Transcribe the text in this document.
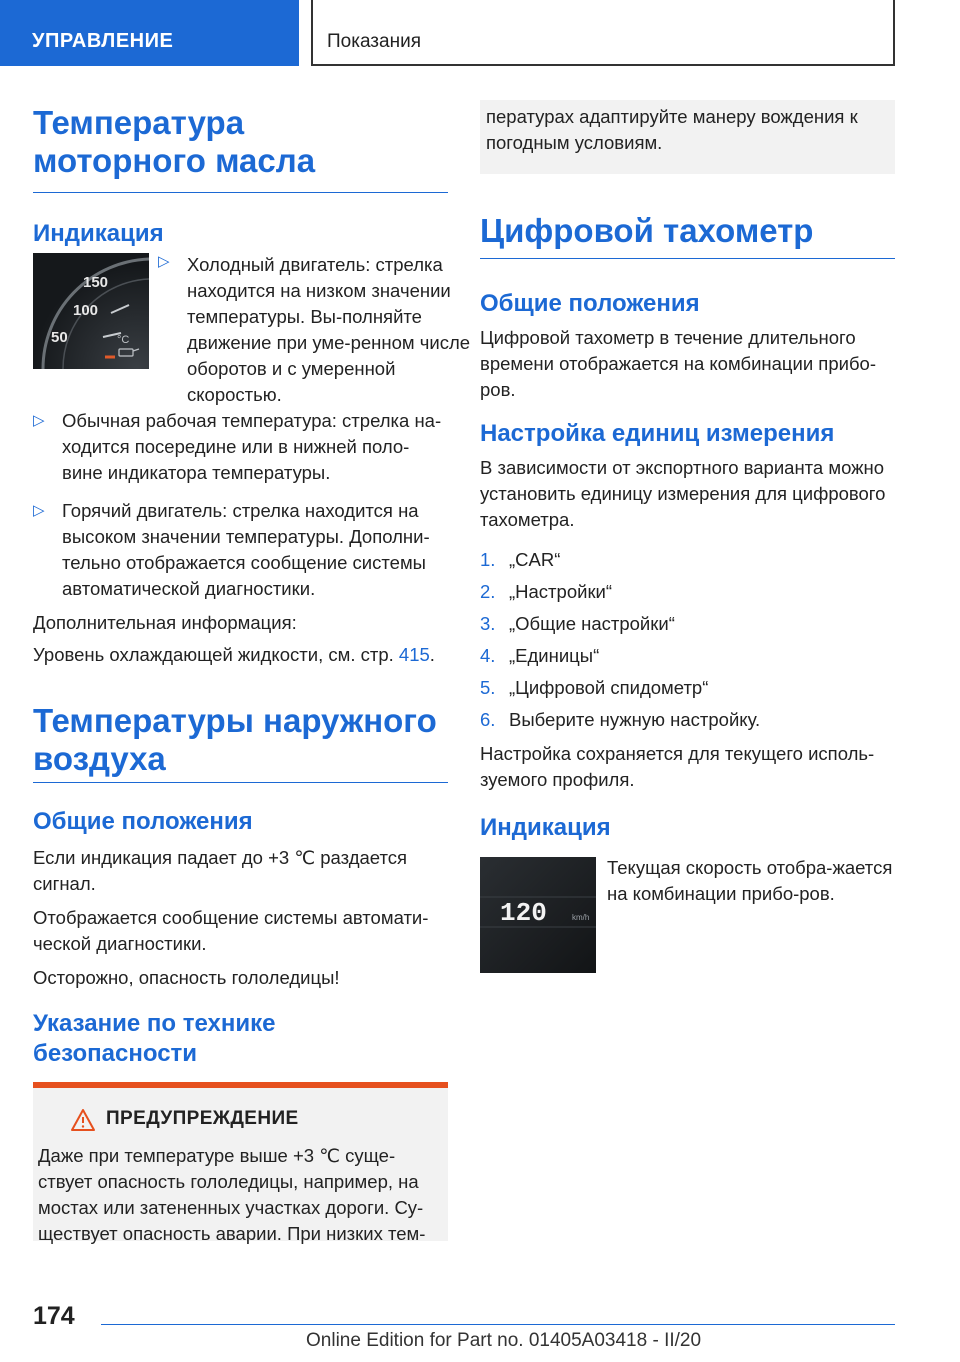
УПРАВЛЕНИЕ	Показания
Температура моторного масла
Индикация
150
100
50	°C
▷ Холодный двигатель: стрелка находится на низком значении температуры. Вы-полняйте движение при уме-ренном числе оборотов и с умеренной скоростью.
▷ Обычная рабочая температура: стрелка на-ходится посередине или в нижней поло-вине индикатора температуры.
▷ Горячий двигатель: стрелка находится на высоком значении температуры. Дополни-тельно отображается сообщение системы автоматической диагностики.

Дополнительная информация:

Уровень охлаждающей жидкости, см. стр. 415.

Температуры наружного воздуха
Общие положения

Если индикация падает до +3 ℃ раздается сигнал.

Отображается сообщение системы автомати-ческой диагностики.

Осторожно, опасность гололедицы!

Указание по технике безопасности
ПРЕДУПРЕЖДЕНИЕ

Даже при температуре выше +3 ℃ суще-ствует опасность гололедицы, например, на мостах или затененных участках дороги. Су-ществует опасность аварии. При низких тем-

пературах адаптируйте манеру вождения к погодным условиям.

Цифровой тахометр
Общие положения

Цифровой тахометр в течение длительного времени отображается на комбинации прибо-ров.

Настройка единиц измерения

В зависимости от экспортного варианта можно установить единицу измерения для цифрового тахометра.

1. „CAR“
2. „Настройки“
3. „Общие настройки“
4. „Единицы“
5. „Цифровой спидометр“
6. Выберите нужную настройку.

Настройка сохраняется для текущего исполь-зуемого профиля.

Индикация
120	km/h

Текущая скорость отобра-жается на комбинации прибо-ров.

174
Online Edition for Part no. 01405A03418 - II/20
